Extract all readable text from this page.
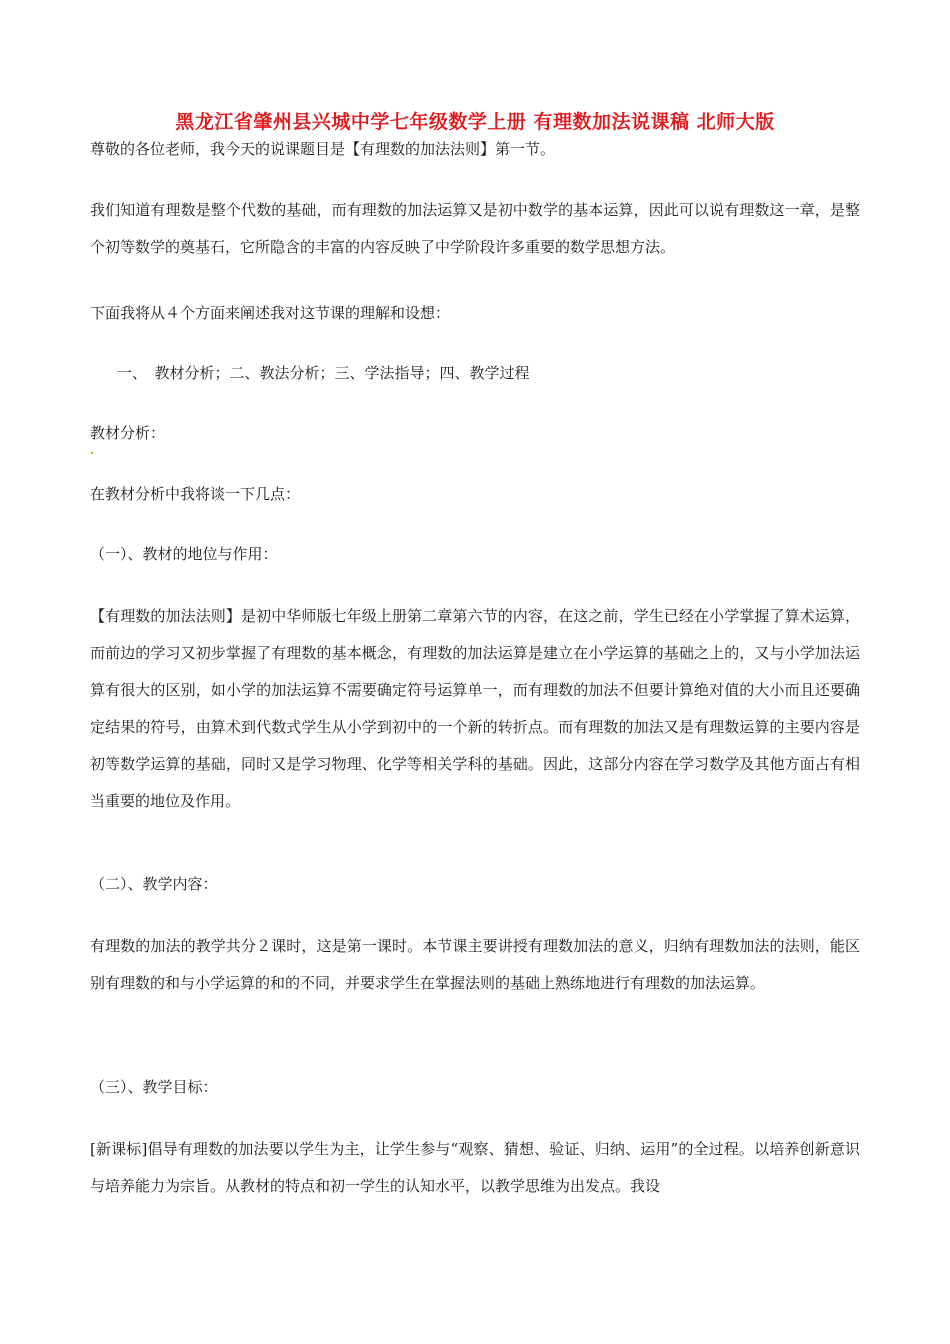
黑龙江省肇州县兴城中学七年级数学上册 有理数加法说课稿 北师大版

尊敬的各位老师，我今天的说课题目是【有理数的加法法则】第一节。

我们知道有理数是整个代数的基础，而有理数的加法运算又是初中数学的基本运算，因此可以说有理数这一章，是整个初等数学的奠基石，它所隐含的丰富的内容反映了中学阶段许多重要的数学思想方法。

下面我将从４个方面来阐述我对这节课的理解和设想：

一、　教材分析；二、教法分析；三、学法指导；四、教学过程

教材分析：

在教材分析中我将谈一下几点：

（一）、教材的地位与作用：

【有理数的加法法则】是初中华师版七年级上册第二章第六节的内容，在这之前，学生已经在小学掌握了算术运算，而前边的学习又初步掌握了有理数的基本概念，有理数的加法运算是建立在小学运算的基础之上的，又与小学加法运算有很大的区别，如小学的加法运算不需要确定符号运算单一，而有理数的加法不但要计算绝对值的大小而且还要确定结果的符号，由算术到代数式学生从小学到初中的一个新的转折点。而有理数的加法又是有理数运算的主要内容是初等数学运算的基础，同时又是学习物理、化学等相关学科的基础。因此，这部分内容在学习数学及其他方面占有相当重要的地位及作用。

（二）、教学内容：

有理数的加法的教学共分２课时，这是第一课时。本节课主要讲授有理数加法的意义，归纳有理数加法的法则，能区别有理数的和与小学运算的和的不同，并要求学生在掌握法则的基础上熟练地进行有理数的加法运算。

（三）、教学目标：

[新课标]倡导有理数的加法要以学生为主，让学生参与“观察、猜想、验证、归纳、运用”的全过程。以培养创新意识与培养能力为宗旨。从教材的特点和初一学生的认知水平，以教学思维为出发点。我设
